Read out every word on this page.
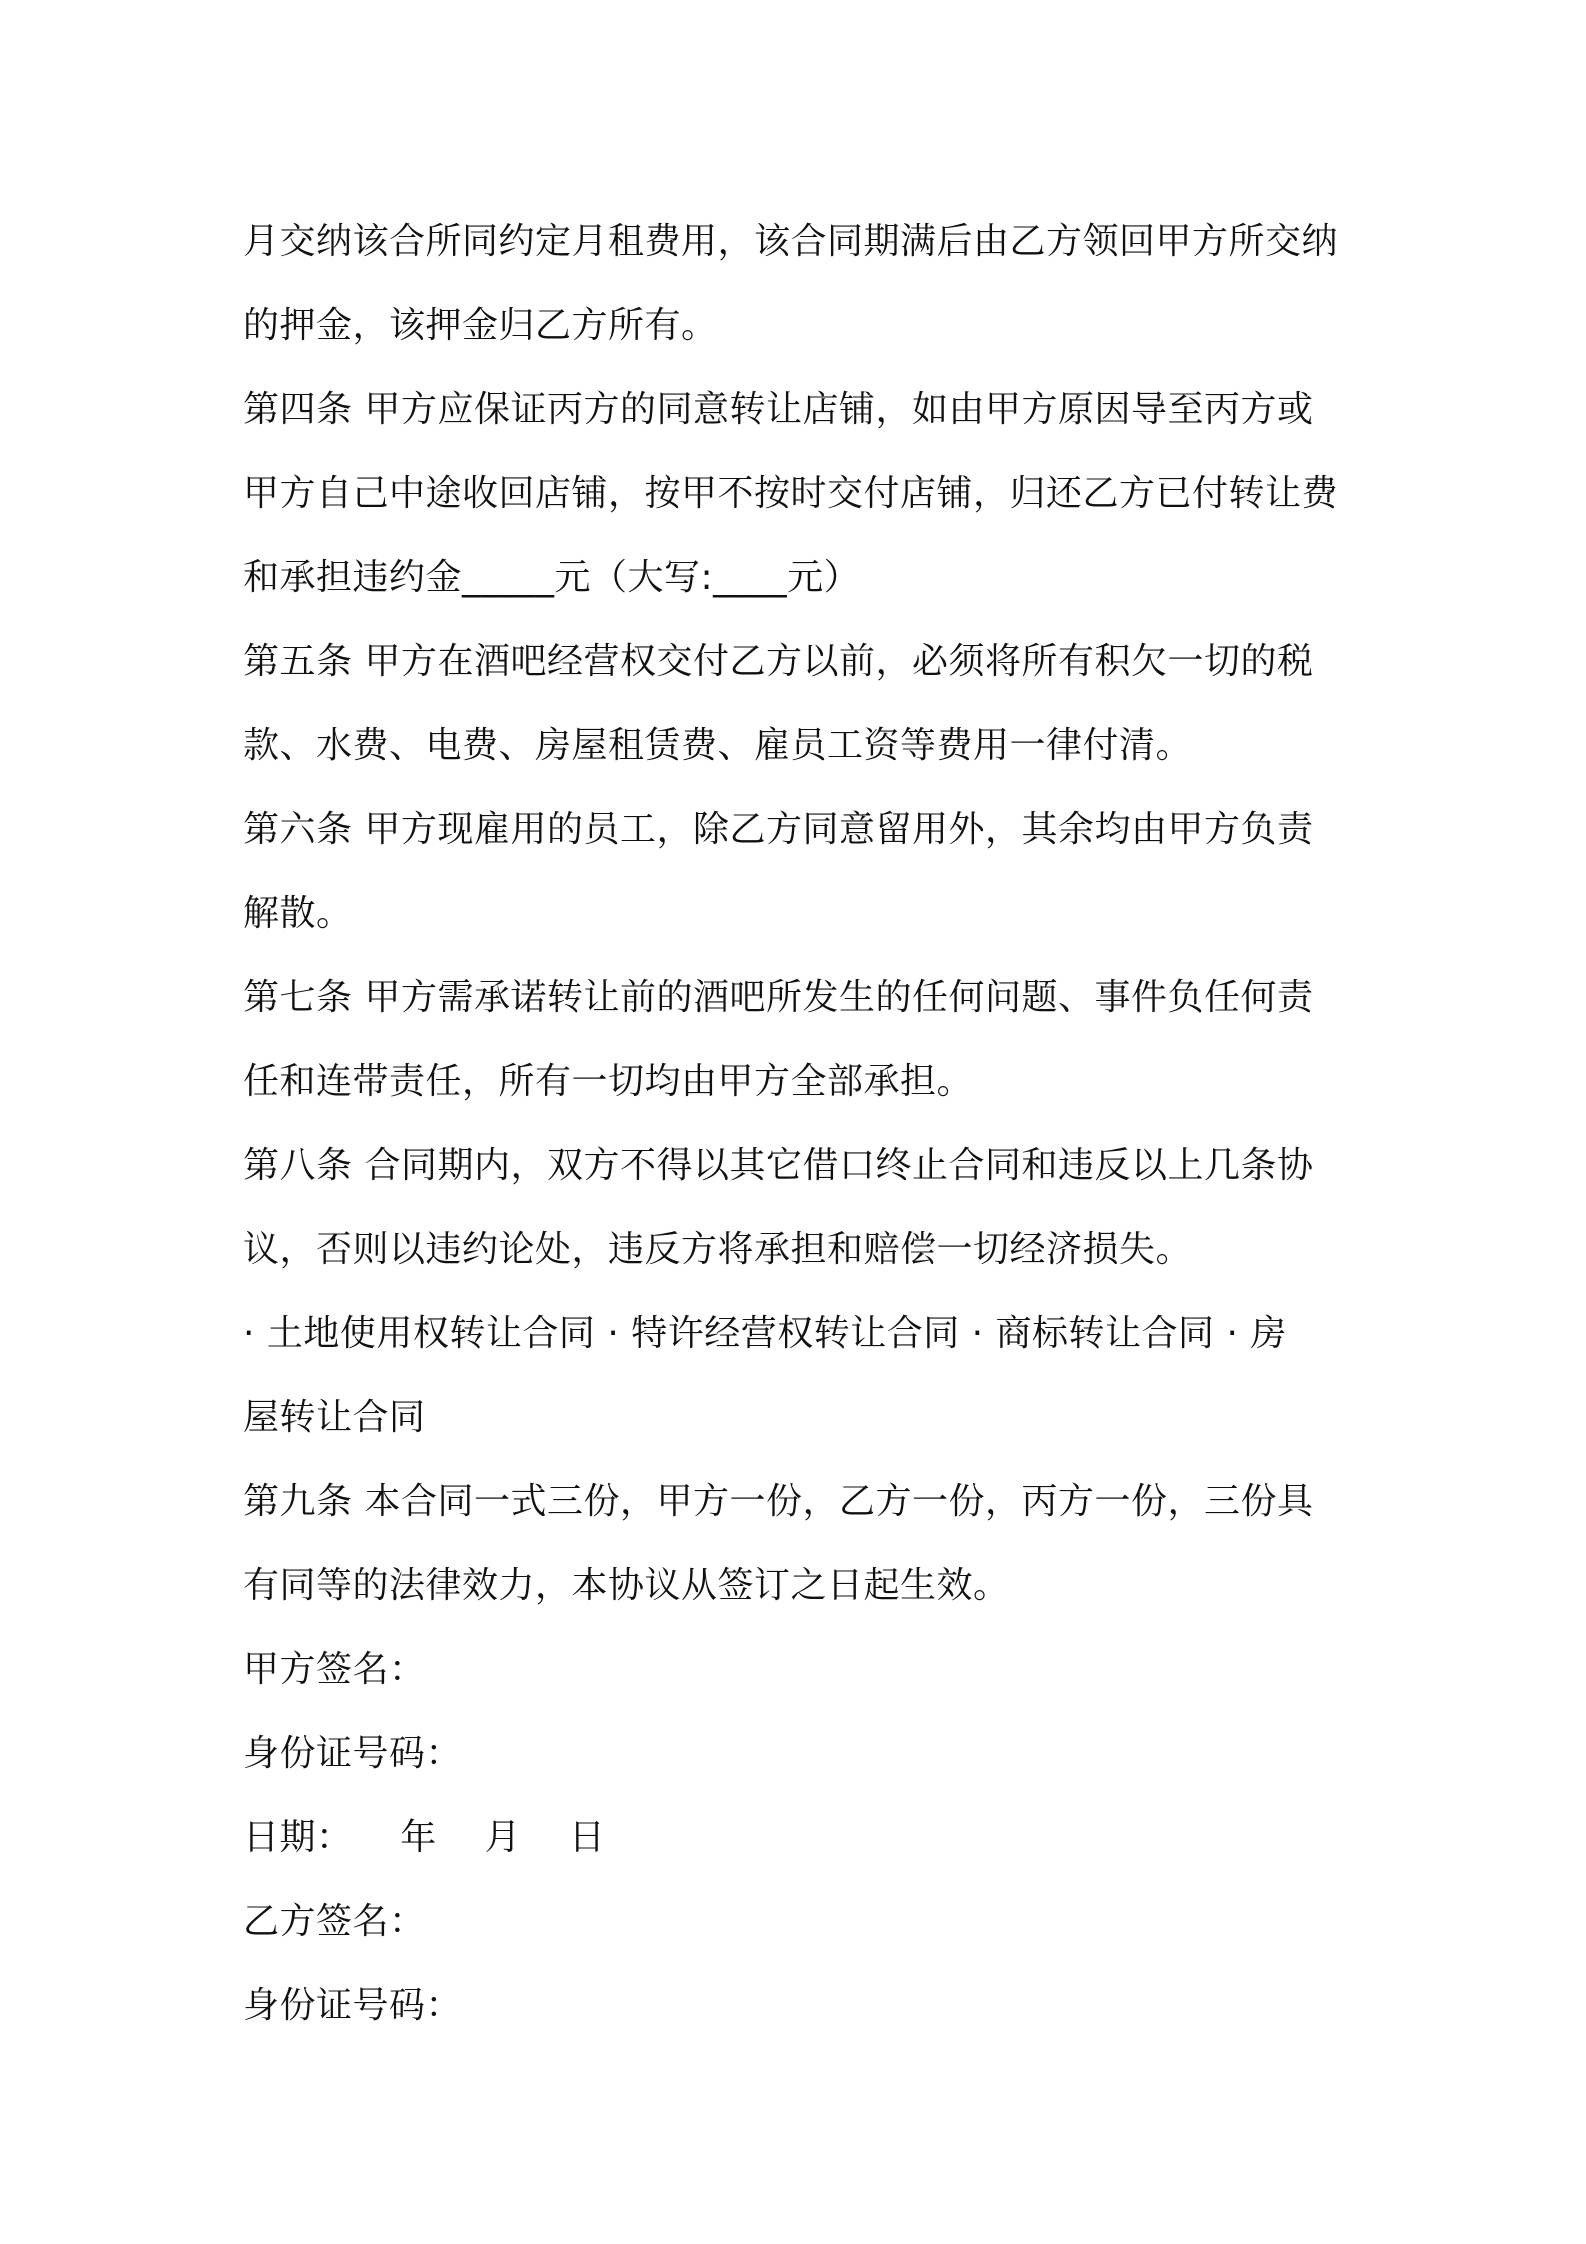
月交纳该合所同约定月租费用，该合同期满后由乙方领回甲方所交纳
的押金，该押金归乙方所有。
第四条 甲方应保证丙方的同意转让店铺，如由甲方原因导至丙方或
甲方自己中途收回店铺，按甲不按时交付店铺，归还乙方已付转让费
和承担违约金_____元（大写:____元）
第五条 甲方在酒吧经营权交付乙方以前，必须将所有积欠一切的税
款、水费、电费、房屋租赁费、雇员工资等费用一律付清。
第六条 甲方现雇用的员工，除乙方同意留用外，其余均由甲方负责
解散。
第七条 甲方需承诺转让前的酒吧所发生的任何问题、事件负任何责
任和连带责任，所有一切均由甲方全部承担。
第八条 合同期内，双方不得以其它借口终止合同和违反以上几条协
议，否则以违约论处，违反方将承担和赔偿一切经济损失。
· 土地使用权转让合同 · 特许经营权转让合同 · 商标转让合同 · 房
屋转让合同
第九条 本合同一式三份，甲方一份，乙方一份，丙方一份，三份具
有同等的法律效力，本协议从签订之日起生效。
甲方签名：
身份证号码：
日期：    年    月    日
乙方签名：
身份证号码：
